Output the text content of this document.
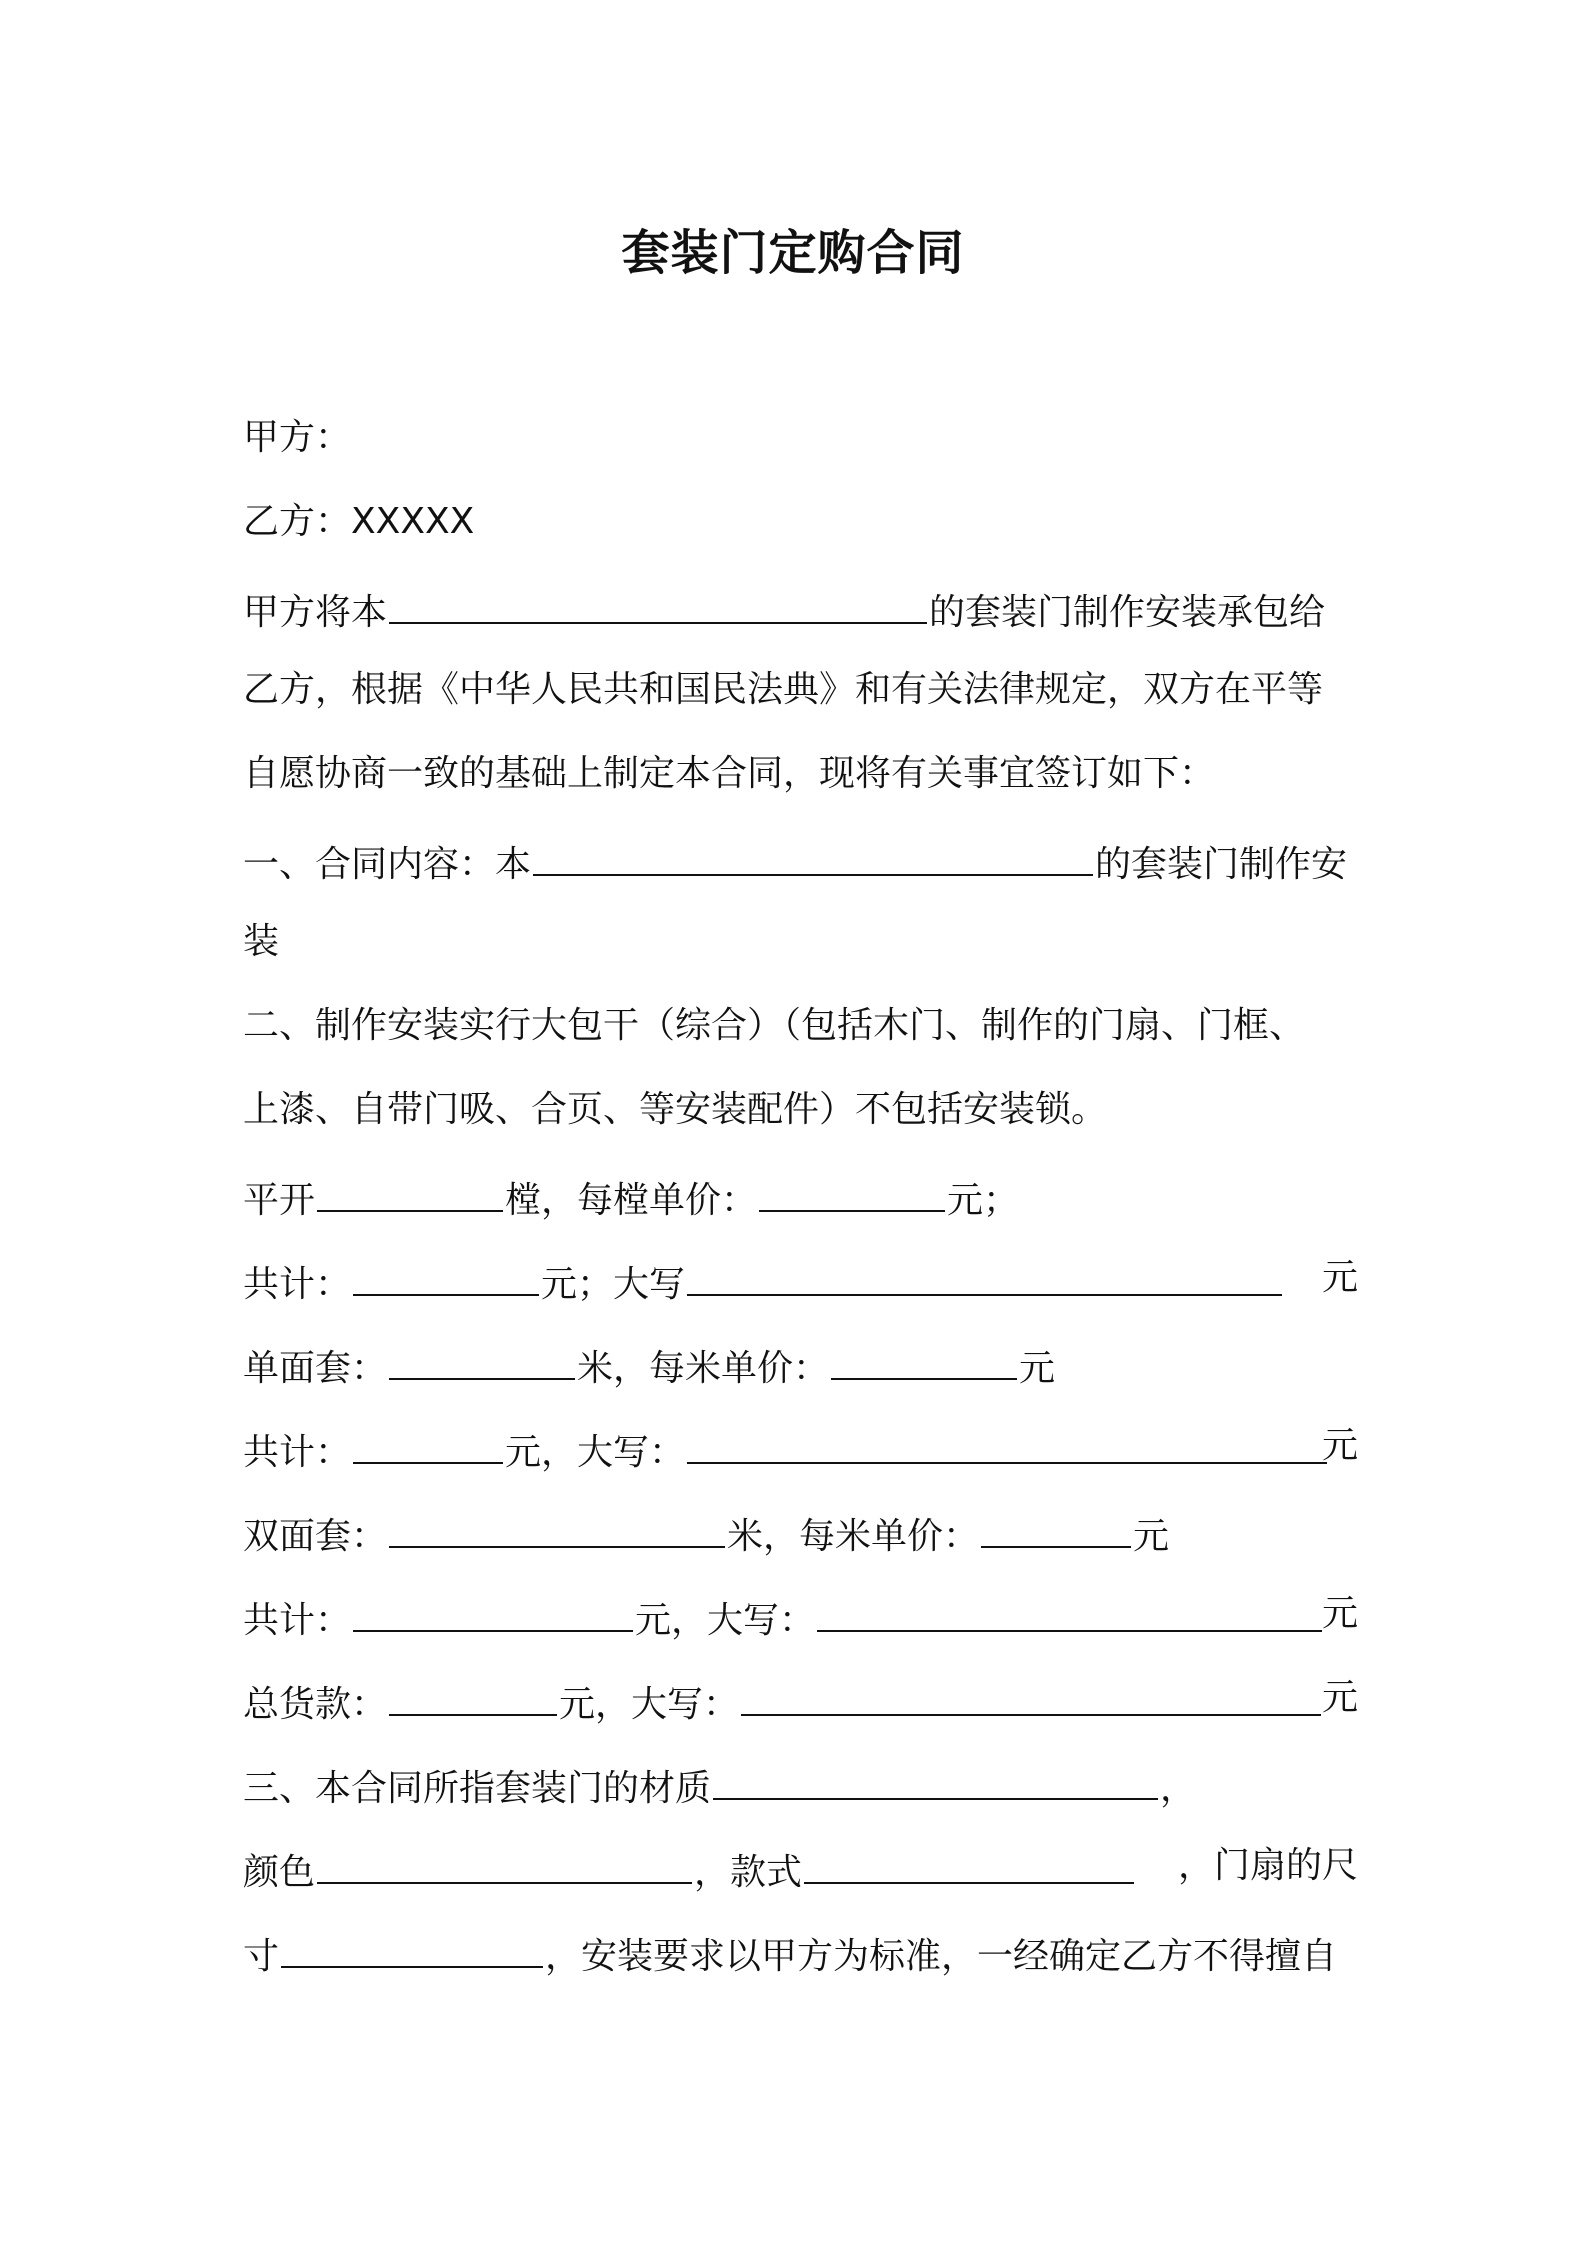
套装门定购合同
甲方：
乙方：XXXXX
甲方将本	的套装门制作安装承包给
乙方，根据《中华人民共和国民法典》和有关法律规定，双方在平等
自愿协商一致的基础上制定本合同，现将有关事宜签订如下：
一、合同内容：本	的套装门制作安
装
二、制作安装实行大包干（综合）（包括木门、制作的门扇、门框、
上漆、自带门吸、合页、等安装配件）不包括安装锁。
平开	樘，每樘单价：	元；
共计：	元；大写	元
单面套：	米，每米单价：	元
共计：	元，大写：	元
双面套：	米，每米单价：	元
共计：	元，大写：	元
总货款：	元，大写：	元
三、本合同所指套装门的材质	，
颜色	，款式	，门扇的尺
寸	，安装要求以甲方为标准，一经确定乙方不得擅自
